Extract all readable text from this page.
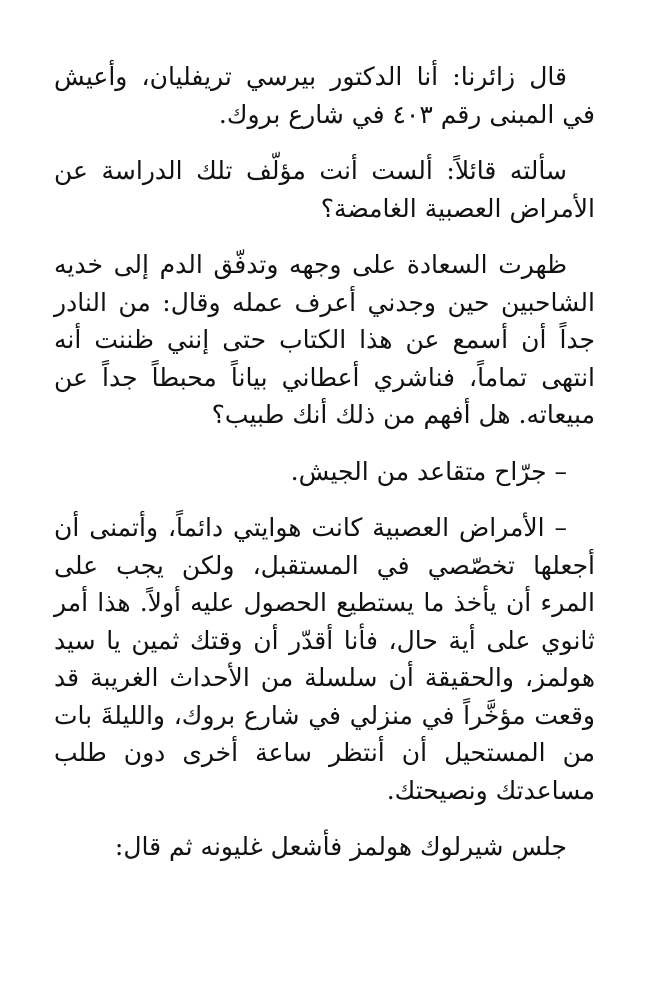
قال زائرنا: أنا الدكتور بيرسي تريفليان، وأعيش في المبنى رقم ٤٠٣ في شارع بروك.

سألته قائلاً: ألست أنت مؤلّف تلك الدراسة عن الأمراض العصبية الغامضة؟

ظهرت السعادة على وجهه وتدفّق الدم إلى خديه الشاحبين حين وجدني أعرف عمله وقال: من النادر جداً أن أسمع عن هذا الكتاب حتى إنني ظننت أنه انتهى تماماً، فناشري أعطاني بياناً محبطاً جداً عن مبيعاته. هل أفهم من ذلك أنك طبيب؟

– جرّاح متقاعد من الجيش.

– الأمراض العصبية كانت هوايتي دائماً، وأتمنى أن أجعلها تخصّصي في المستقبل، ولكن يجب على المرء أن يأخذ ما يستطيع الحصول عليه أولاً. هذا أمر ثانوي على أية حال، فأنا أقدّر أن وقتك ثمين يا سيد هولمز، والحقيقة أن سلسلة من الأحداث الغريبة قد وقعت مؤخَّراً في منزلي في شارع بروك، والليلةَ بات من المستحيل أن أنتظر ساعة أخرى دون طلب مساعدتك ونصيحتك.

جلس شيرلوك هولمز فأشعل غليونه ثم قال:
